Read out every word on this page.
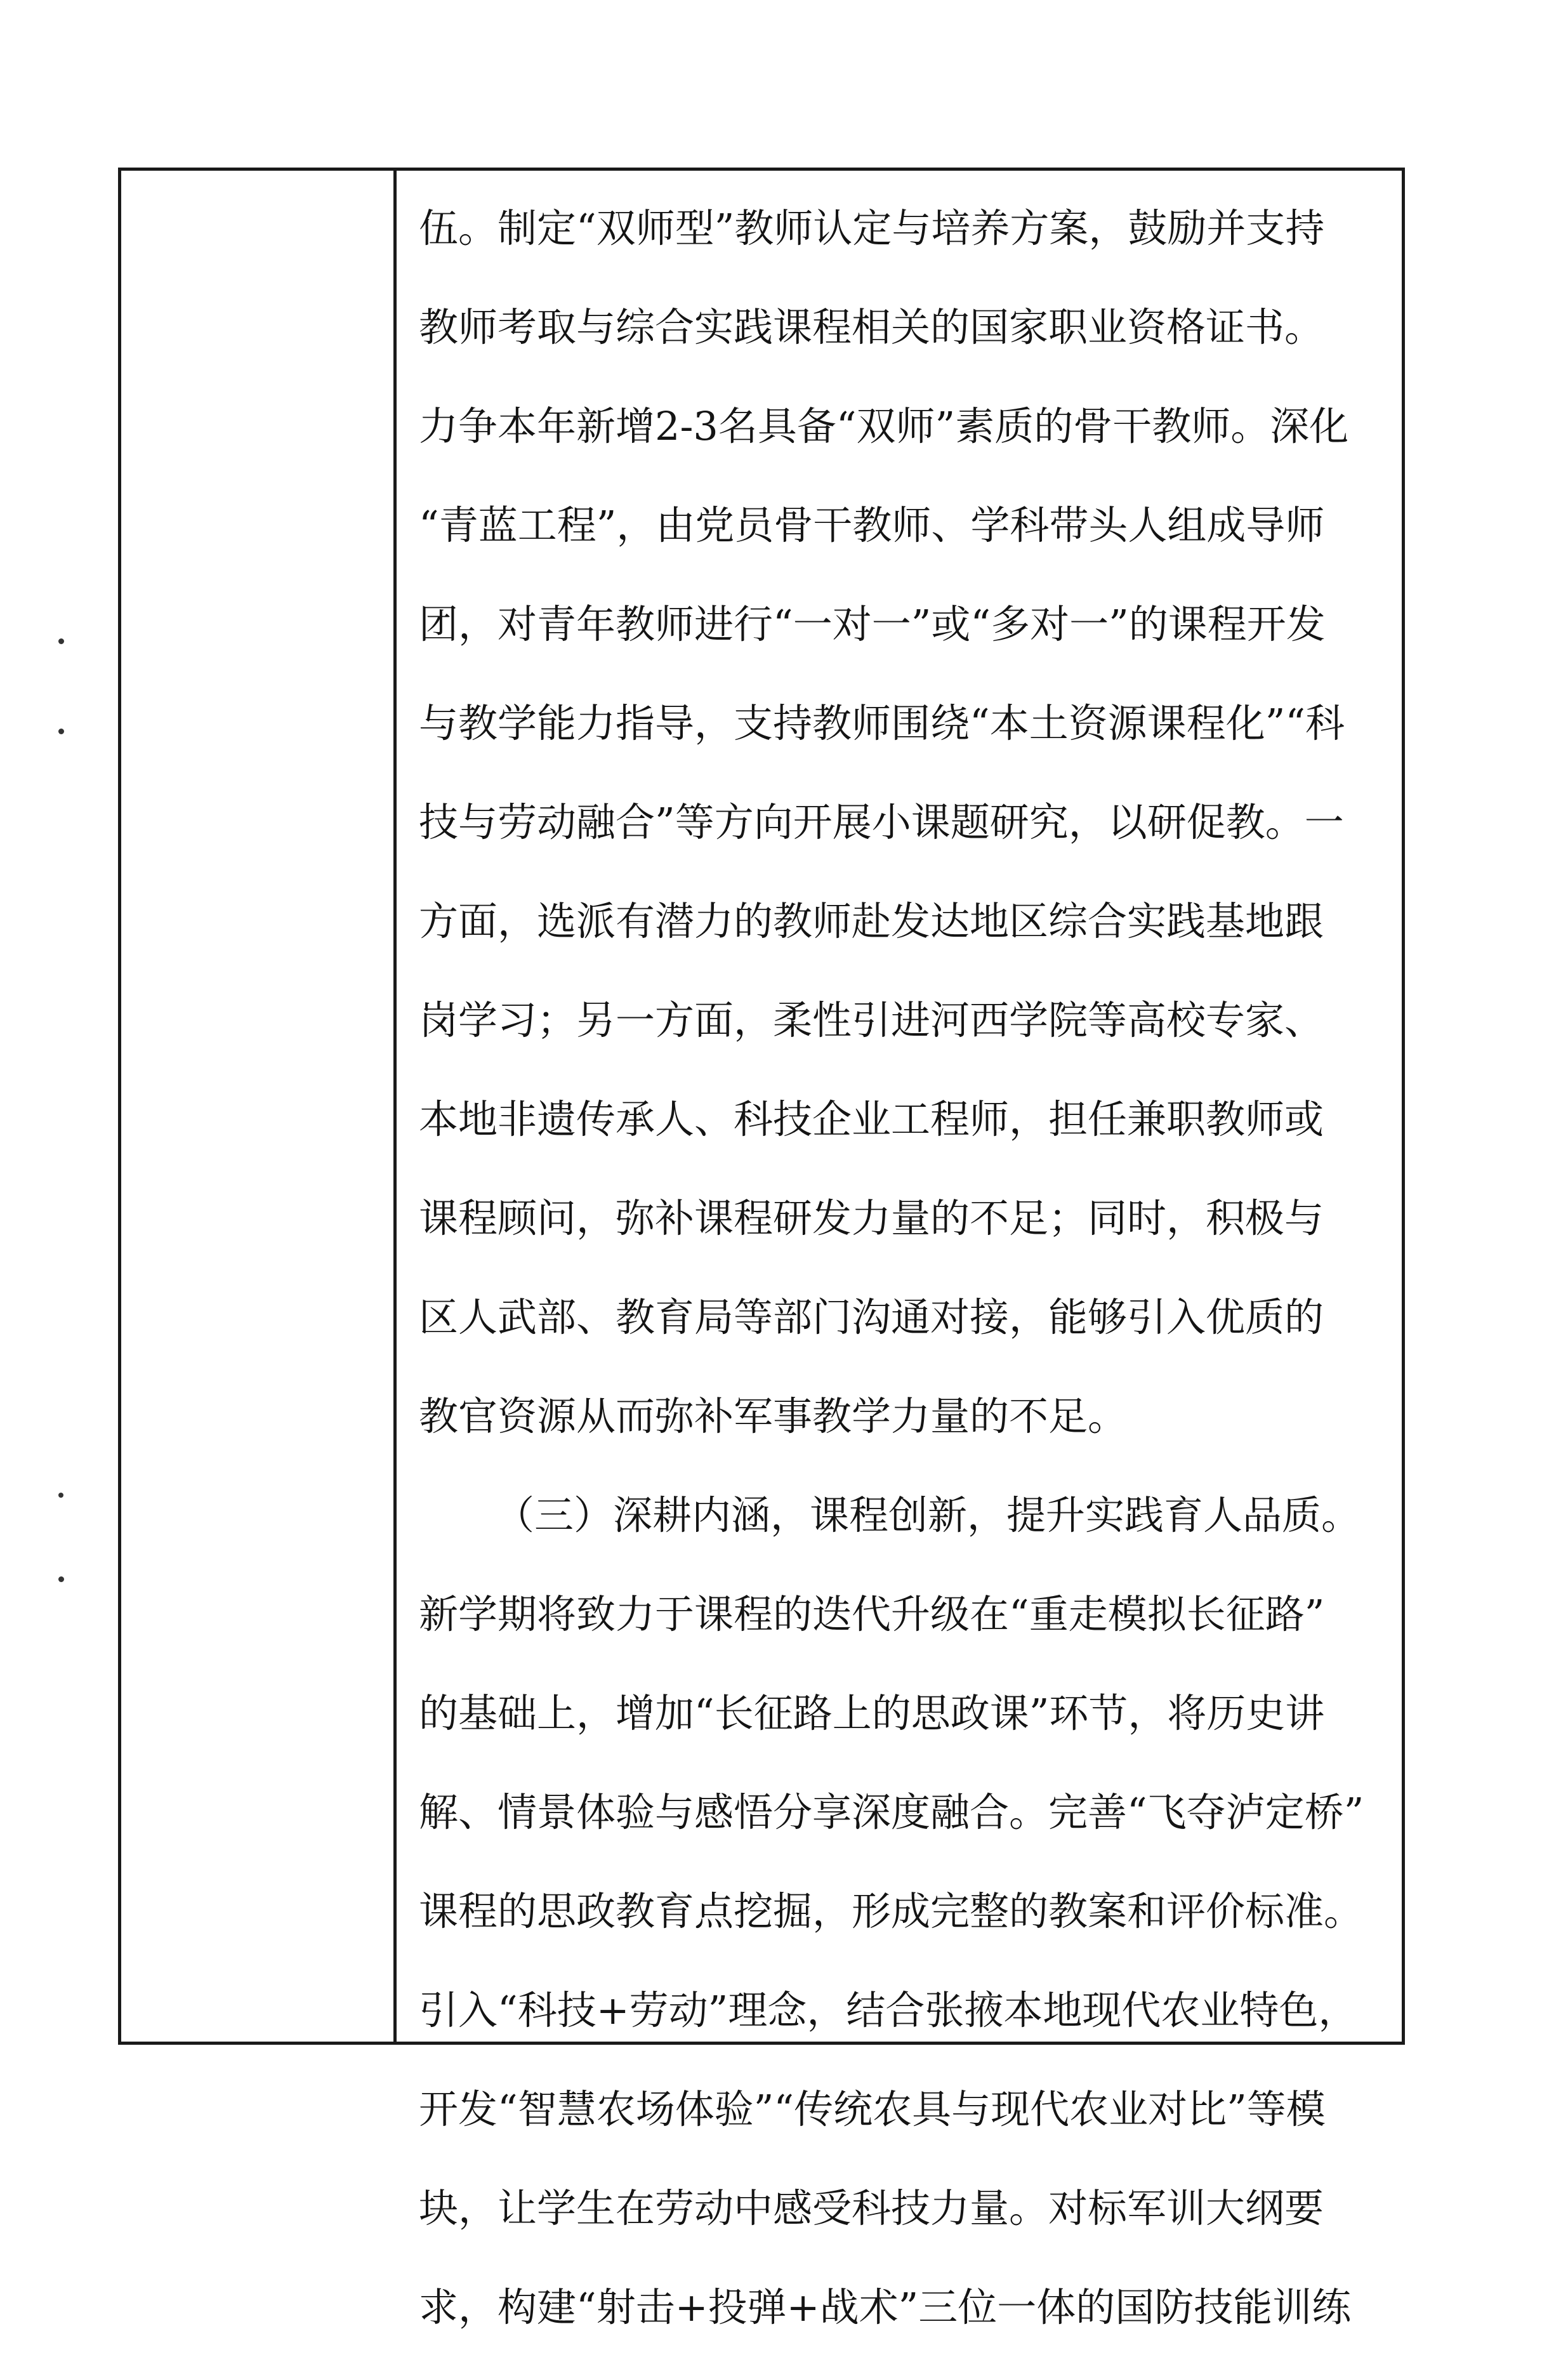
伍。制定“双师型”教师认定与培养方案，鼓励并支持
教师考取与综合实践课程相关的国家职业资格证书。
力争本年新增2-3名具备“双师”素质的骨干教师。深化
“青蓝工程”，由党员骨干教师、学科带头人组成导师
团，对青年教师进行“一对一”或“多对一”的课程开发
与教学能力指导，支持教师围绕“本土资源课程化”“科
技与劳动融合”等方向开展小课题研究，以研促教。一
方面，选派有潜力的教师赴发达地区综合实践基地跟
岗学习；另一方面，柔性引进河西学院等高校专家、
本地非遗传承人、科技企业工程师，担任兼职教师或
课程顾问，弥补课程研发力量的不足；同时，积极与
区人武部、教育局等部门沟通对接，能够引入优质的
教官资源从而弥补军事教学力量的不足。
（三）深耕内涵，课程创新，提升实践育人品质。
新学期将致力于课程的迭代升级在“重走模拟长征路”
的基础上，增加“长征路上的思政课”环节，将历史讲
解、情景体验与感悟分享深度融合。完善“飞夺泸定桥”
课程的思政教育点挖掘，形成完整的教案和评价标准。
引入“科技+劳动”理念，结合张掖本地现代农业特色，
开发“智慧农场体验”“传统农具与现代农业对比”等模
块，让学生在劳动中感受科技力量。对标军训大纲要
求，构建“射击+投弹+战术”三位一体的国防技能训练
